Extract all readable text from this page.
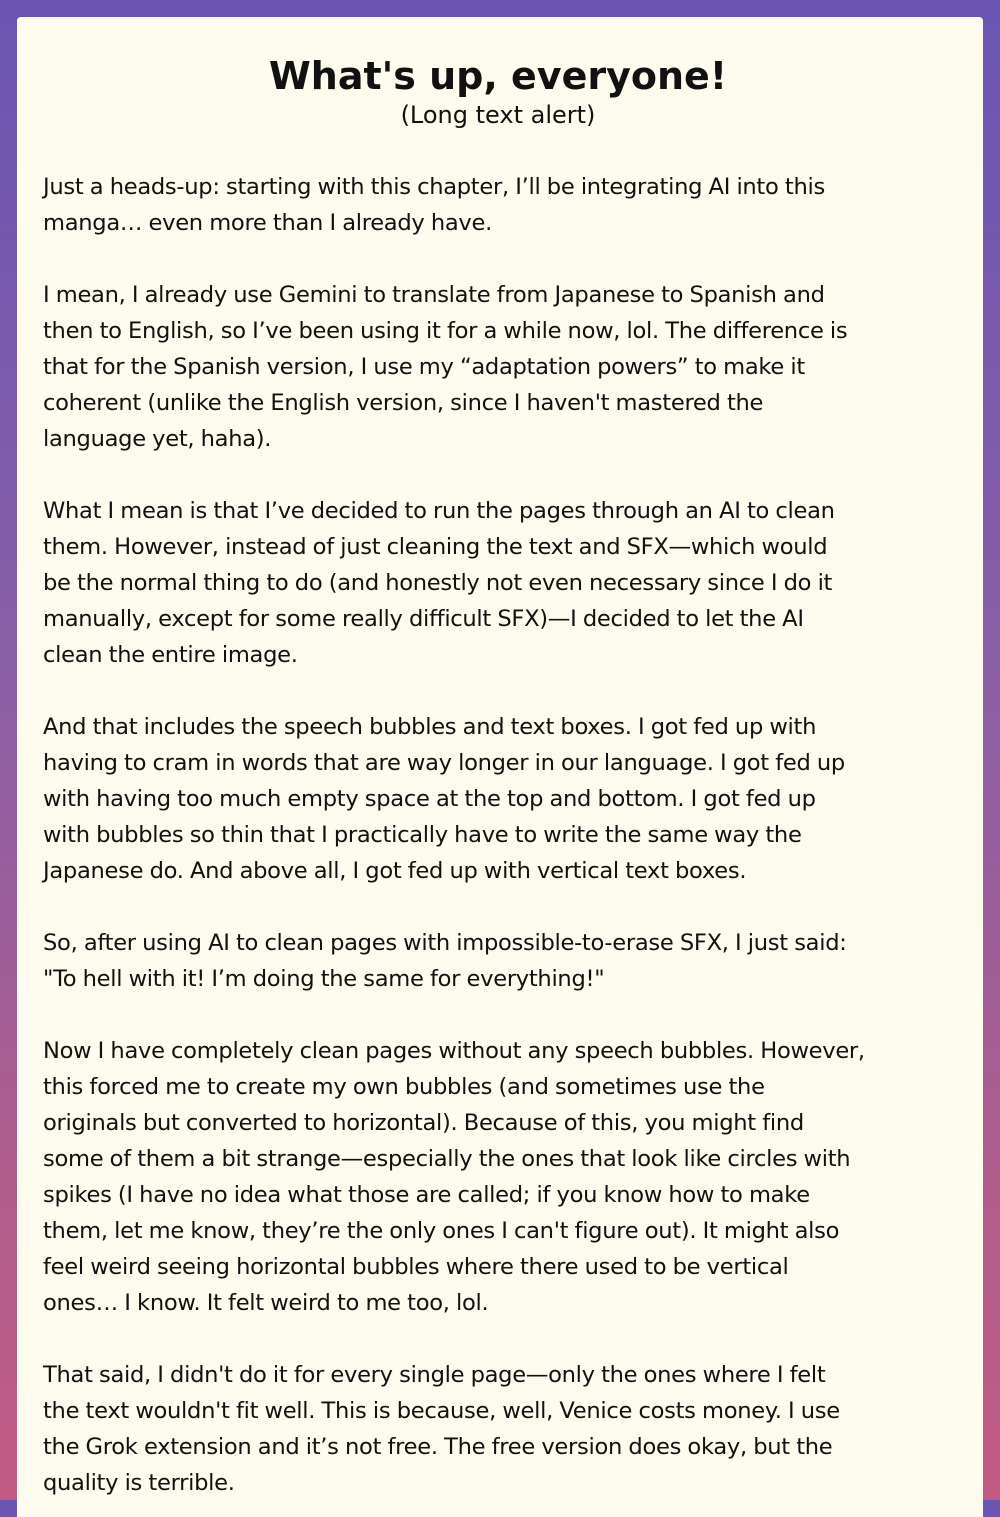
What's up, everyone!

(Long text alert)

Just a heads-up: starting with this chapter, I’ll be integrating AI into this
manga… even more than I already have.

I mean, I already use Gemini to translate from Japanese to Spanish and
then to English, so I’ve been using it for a while now, lol. The difference is
that for the Spanish version, I use my “adaptation powers” to make it
coherent (unlike the English version, since I haven't mastered the
language yet, haha).

What I mean is that I’ve decided to run the pages through an AI to clean
them. However, instead of just cleaning the text and SFX—which would
be the normal thing to do (and honestly not even necessary since I do it
manually, except for some really difficult SFX)—I decided to let the AI
clean the entire image.

And that includes the speech bubbles and text boxes. I got fed up with
having to cram in words that are way longer in our language. I got fed up
with having too much empty space at the top and bottom. I got fed up
with bubbles so thin that I practically have to write the same way the
Japanese do. And above all, I got fed up with vertical text boxes.

So, after using AI to clean pages with impossible-to-erase SFX, I just said:
"To hell with it! I’m doing the same for everything!"

Now I have completely clean pages without any speech bubbles. However,
this forced me to create my own bubbles (and sometimes use the
originals but converted to horizontal). Because of this, you might find
some of them a bit strange—especially the ones that look like circles with
spikes (I have no idea what those are called; if you know how to make
them, let me know, they’re the only ones I can't figure out). It might also
feel weird seeing horizontal bubbles where there used to be vertical
ones… I know. It felt weird to me too, lol.

That said, I didn't do it for every single page—only the ones where I felt
the text wouldn't fit well. This is because, well, Venice costs money. I use
the Grok extension and it’s not free. The free version does okay, but the
quality is terrible.
